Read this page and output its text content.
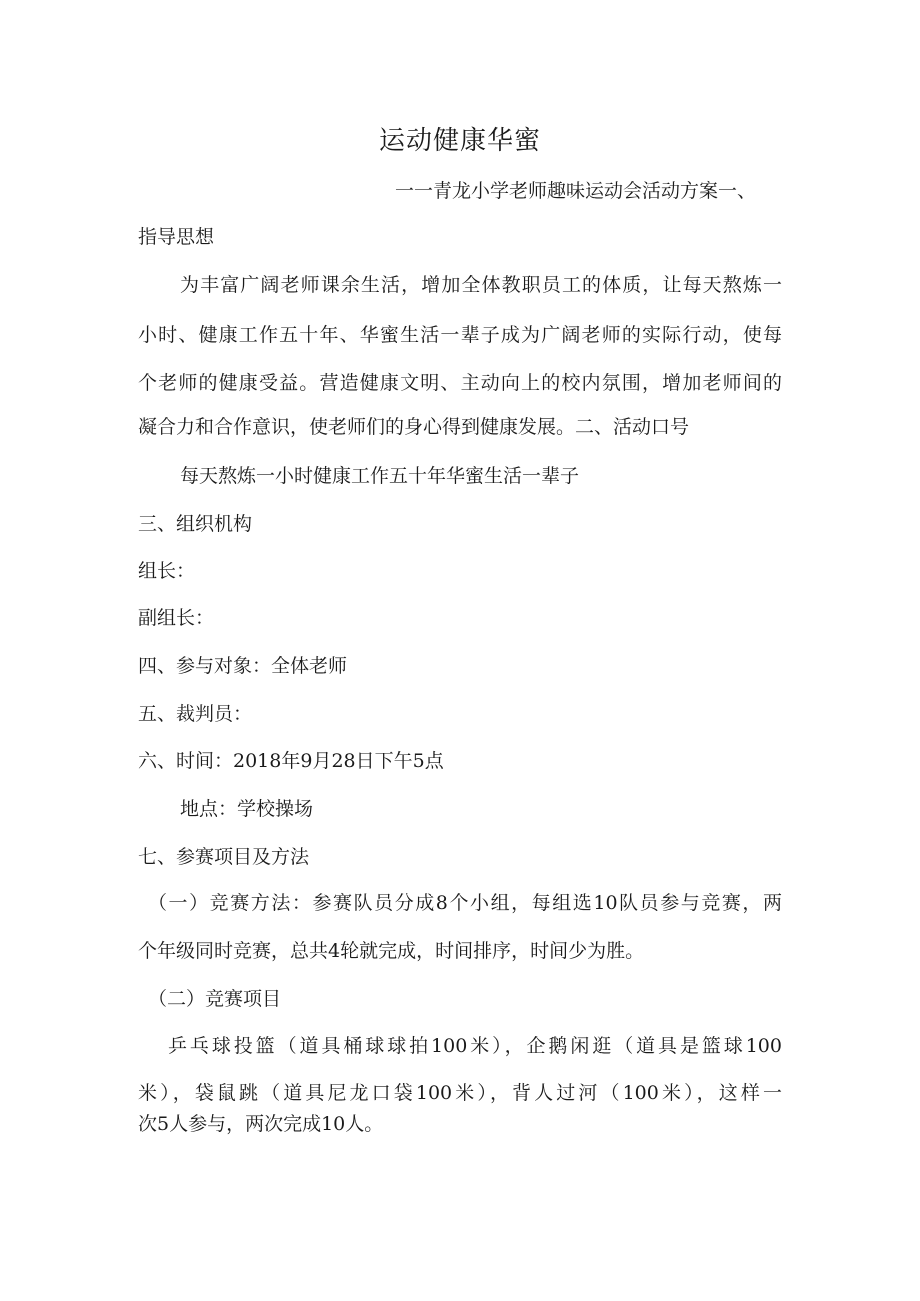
运动健康华蜜
一一青龙小学老师趣味运动会活动方案一、
指导思想
为丰富广阔老师课余生活，增加全体教职员工的体质，让每天熬炼一
小时、健康工作五十年、华蜜生活一辈子成为广阔老师的实际行动，使每
个老师的健康受益。营造健康文明、主动向上的校内氛围，增加老师间的
凝合力和合作意识，使老师们的身心得到健康发展。二、活动口号
每天熬炼一小时健康工作五十年华蜜生活一辈子
三、组织机构
组长：
副组长：
四、参与对象：全体老师
五、裁判员：
六、时间：2018年9月28日下午5点
地点：学校操场
七、参赛项目及方法
（一）竞赛方法：参赛队员分成8个小组，每组选10队员参与竞赛，两
个年级同时竞赛，总共4轮就完成，时间排序，时间少为胜。
（二）竞赛项目
乒乓球投篮（道具桶球球拍100米），企鹅闲逛（道具是篮球100
米），袋鼠跳（道具尼龙口袋100米），背人过河（100米），这样一
次5人参与，两次完成10人。
